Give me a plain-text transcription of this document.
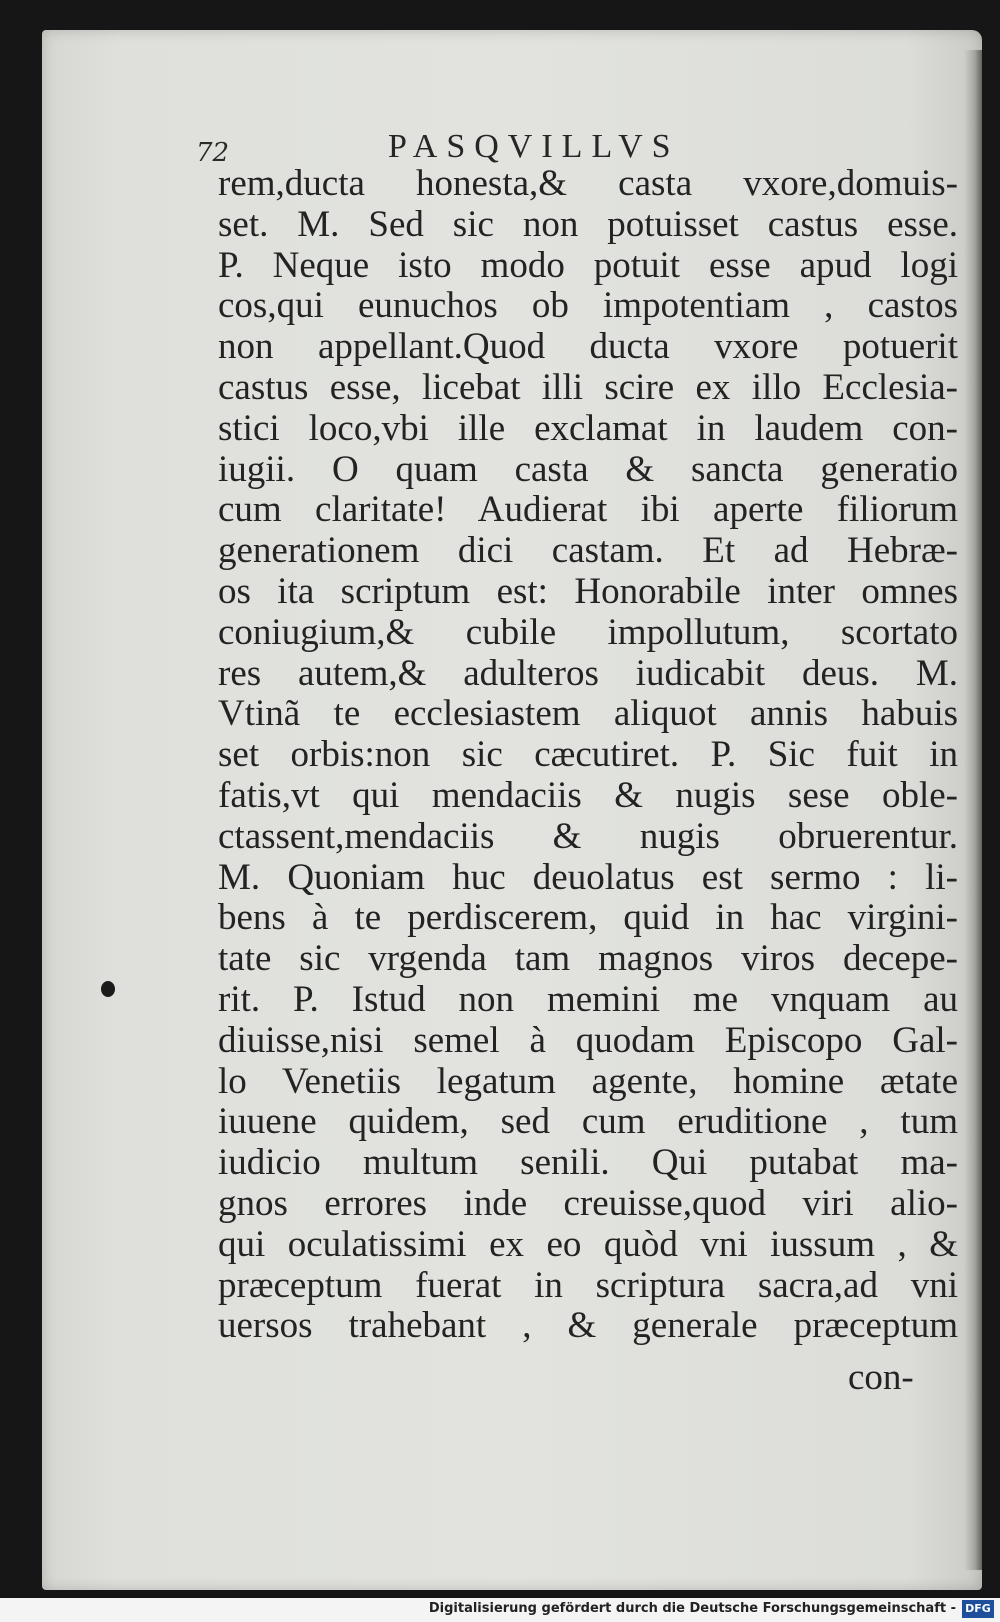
72	PASQVILLVS
rem,ducta honesta,& casta vxore,domuis-
set. M. Sed sic non potuisset castus esse.
P. Neque isto modo potuit esse apud logi
cos,qui eunuchos ob impotentiam , castos
non appellant.Quod ducta vxore potuerit
castus esse, licebat illi scire ex illo Ecclesia-
stici loco,vbi ille exclamat in laudem con-
iugii. O quam casta & sancta generatio
cum claritate! Audierat ibi aperte filiorum
generationem dici castam. Et ad Hebræ-
os ita scriptum est: Honorabile inter omnes
coniugium,& cubile impollutum, scortato
res autem,& adulteros iudicabit deus. M.
Vtinã te ecclesiastem aliquot annis habuis
set orbis:non sic cæcutiret. P. Sic fuit in
fatis,vt qui mendaciis & nugis sese oble-
ctassent,mendaciis & nugis obruerentur.
M. Quoniam huc deuolatus est sermo : li-
bens à te perdiscerem, quid in hac virgini-
tate sic vrgenda tam magnos viros decepe-
rit. P. Istud non memini me vnquam au
diuisse,nisi semel à quodam Episcopo Gal-
lo Venetiis legatum agente, homine ætate
iuuene quidem, sed cum eruditione , tum
iudicio multum senili. Qui putabat ma-
gnos errores inde creuisse,quod viri alio-
qui oculatissimi ex eo quòd vni iussum , &
præceptum fuerat in scriptura sacra,ad vni
uersos trahebant , & generale præceptum
con-
Digitalisierung gefördert durch die Deutsche Forschungsgemeinschaft - DFG
